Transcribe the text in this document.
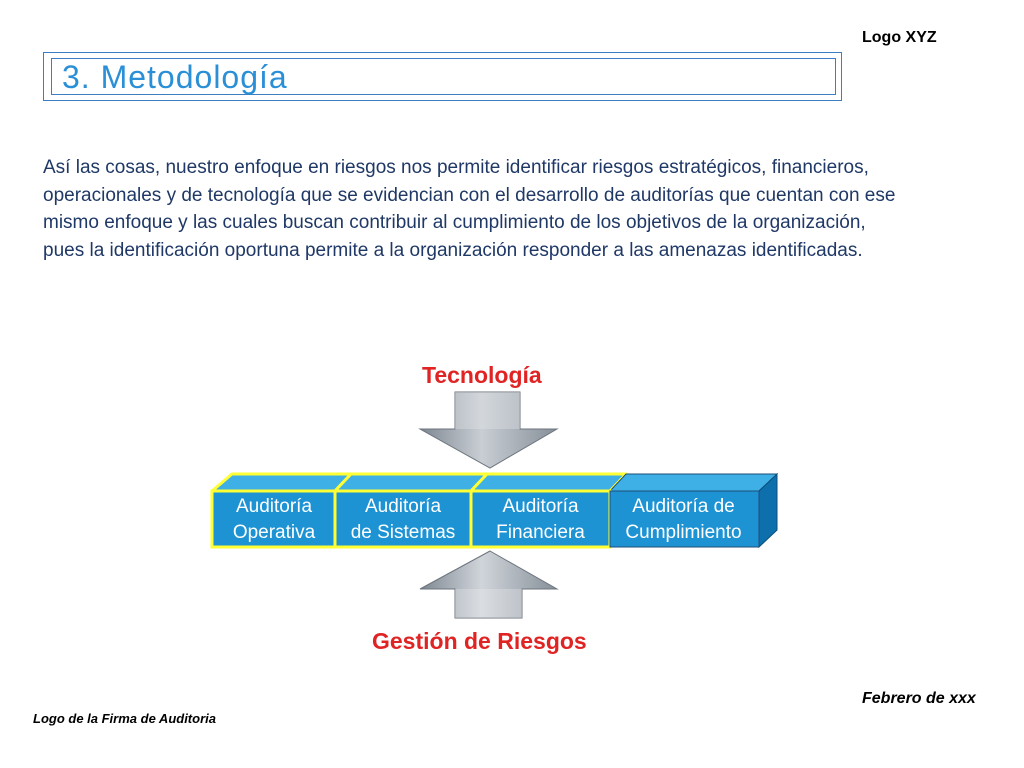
Logo XYZ
3. Metodología
Así las cosas, nuestro enfoque en riesgos nos permite identificar riesgos estratégicos, financieros, operacionales y de tecnología que se evidencian con el desarrollo de auditorías que cuentan con ese mismo enfoque y las cuales buscan contribuir al cumplimiento de los objetivos de la organización, pues la identificación oportuna permite a la organización responder a las amenazas identificadas.
Tecnología
Auditoría
Operativa
Auditoría
de Sistemas
Auditoría
Financiera
Auditoría de
Cumplimiento
Gestión de Riesgos
Febrero de xxx
Logo de la Firma de Auditoria
